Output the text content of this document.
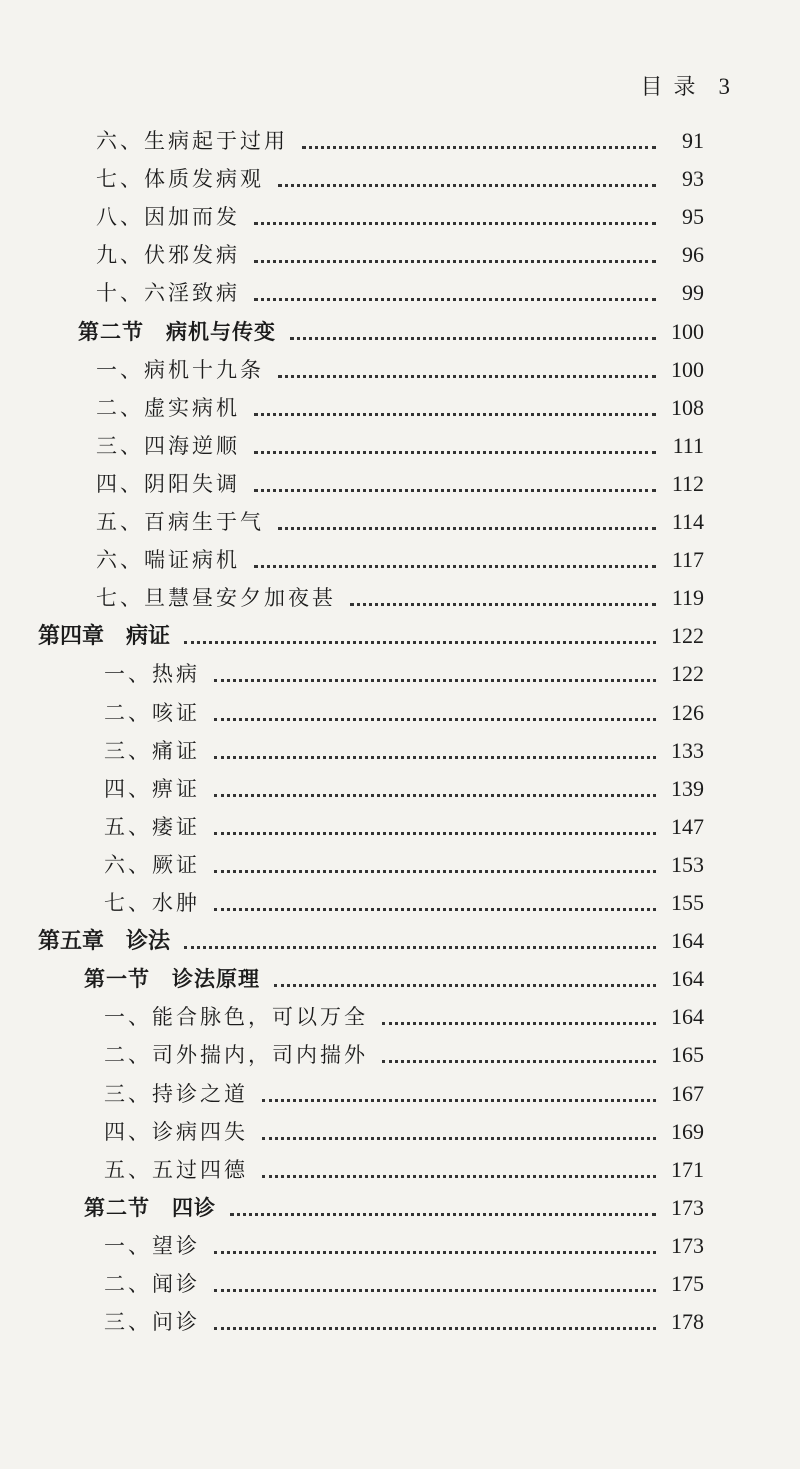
目 录 3
六、生病起于过用	91
七、体质发病观	93
八、因加而发	95
九、伏邪发病	96
十、六淫致病	99
第二节　病机与传变	100
一、病机十九条	100
二、虚实病机	108
三、四海逆顺	111
四、阴阳失调	112
五、百病生于气	114
六、喘证病机	117
七、旦慧昼安夕加夜甚	119
第四章　病证	122
一、热病	122
二、咳证	126
三、痛证	133
四、痹证	139
五、痿证	147
六、厥证	153
七、水肿	155
第五章　诊法	164
第一节　诊法原理	164
一、能合脉色，可以万全	164
二、司外揣内，司内揣外	165
三、持诊之道	167
四、诊病四失	169
五、五过四德	171
第二节　四诊	173
一、望诊	173
二、闻诊	175
三、问诊	178
